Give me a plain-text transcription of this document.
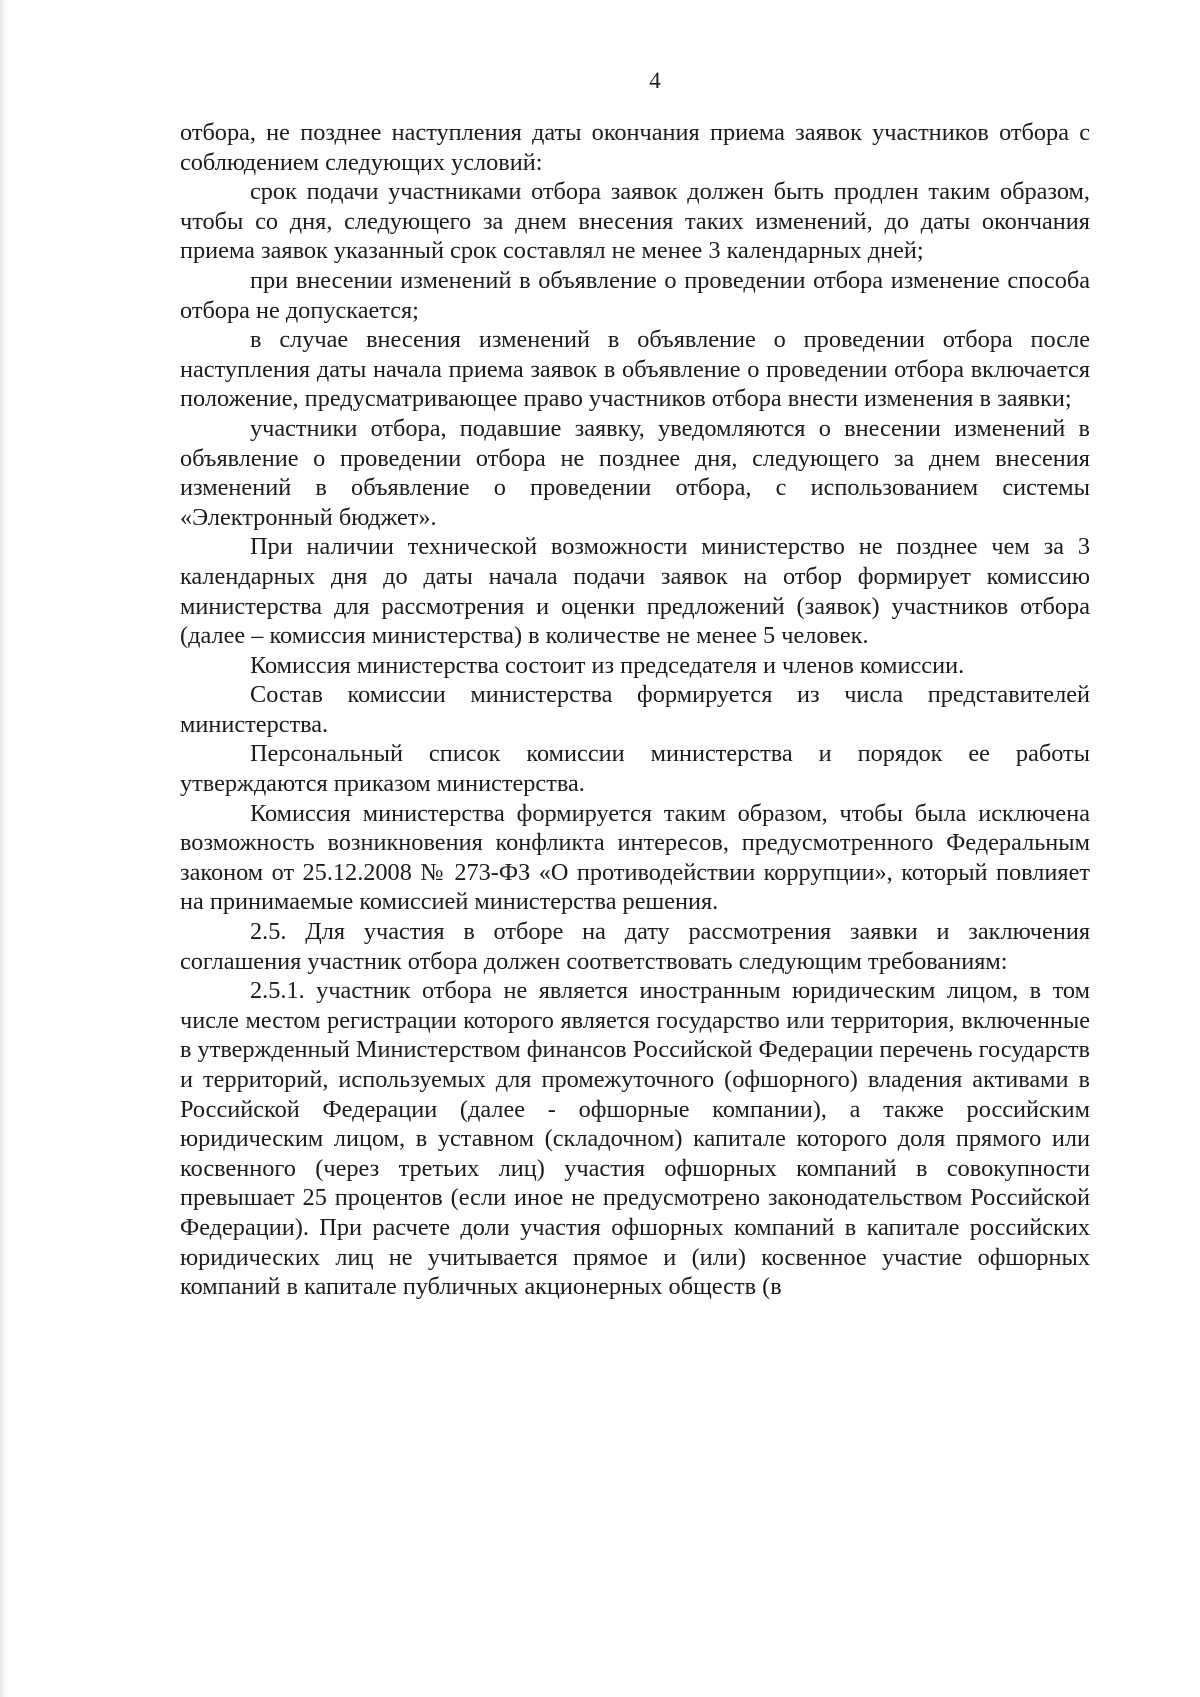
4

отбора, не позднее наступления даты окончания приема заявок участников отбора с соблюдением следующих условий:

срок подачи участниками отбора заявок должен быть продлен таким образом, чтобы со дня, следующего за днем внесения таких изменений, до даты окончания приема заявок указанный срок составлял не менее 3 календарных дней;

при внесении изменений в объявление о проведении отбора изменение способа отбора не допускается;

в случае внесения изменений в объявление о проведении отбора после наступления даты начала приема заявок в объявление о проведении отбора включается положение, предусматривающее право участников отбора внести изменения в заявки;

участники отбора, подавшие заявку, уведомляются о внесении изменений в объявление о проведении отбора не позднее дня, следующего за днем внесения изменений в объявление о проведении отбора, с использованием системы «Электронный бюджет».

При наличии технической возможности министерство не позднее чем за 3 календарных дня до даты начала подачи заявок на отбор формирует комиссию министерства для рассмотрения и оценки предложений (заявок) участников отбора (далее – комиссия министерства) в количестве не менее 5 человек.

Комиссия министерства состоит из председателя и членов комиссии.

Состав комиссии министерства формируется из числа представителей министерства.

Персональный список комиссии министерства и порядок ее работы утверждаются приказом министерства.

Комиссия министерства формируется таким образом, чтобы была исключена возможность возникновения конфликта интересов, предусмотренного Федеральным законом от 25.12.2008 № 273-ФЗ «О противодействии коррупции», который повлияет на принимаемые комиссией министерства решения.

2.5. Для участия в отборе на дату рассмотрения заявки и заключения соглашения участник отбора должен соответствовать следующим требованиям:

2.5.1. участник отбора не является иностранным юридическим лицом, в том числе местом регистрации которого является государство или территория, включенные в утвержденный Министерством финансов Российской Федерации перечень государств и территорий, используемых для промежуточного (офшорного) владения активами в Российской Федерации (далее - офшорные компании), а также российским юридическим лицом, в уставном (складочном) капитале которого доля прямого или косвенного (через третьих лиц) участия офшорных компаний в совокупности превышает 25 процентов (если иное не предусмотрено законодательством Российской Федерации). При расчете доли участия офшорных компаний в капитале российских юридических лиц не учитывается прямое и (или) косвенное участие офшорных компаний в капитале публичных акционерных обществ (в
